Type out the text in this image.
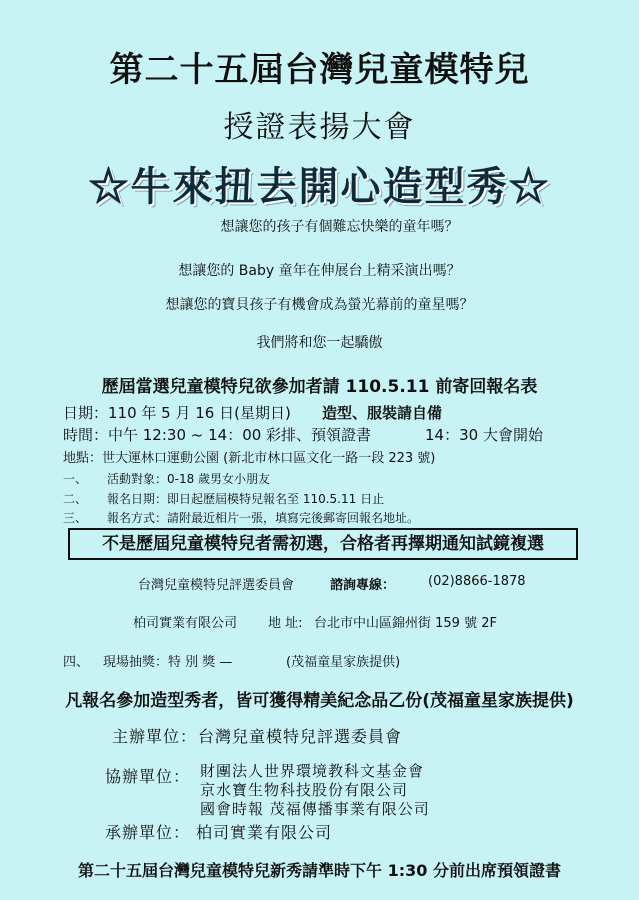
第二十五屆台灣兒童模特兒
授證表揚大會
☆牛來扭去開心造型秀☆
想讓您的孩子有個難忘快樂的童年嗎？
想讓您的 Baby 童年在伸展台上精采演出嗎？
想讓您的寶貝孩子有機會成為螢光幕前的童星嗎？
我們將和您一起驕傲
歷屆當選兒童模特兒欲參加者請 110.5.11 前寄回報名表
日期：110 年 5 月 16 日(星期日) 造型、服裝請自備
時間：中午 12:30 ~ 14：00 彩排、預領證書	14：30 大會開始
地點：世大運林口運動公園 (新北市林口區文化一路一段 223 號)
一、 活動對象：0-18 歲男女小朋友
二、 報名日期：即日起歷屆模特兒報名至 110.5.11 日止
三、 報名方式：請附最近相片一張，填寫完後郵寄回報名地址。
不是歷屆兒童模特兒者需初選，合格者再擇期通知試鏡複選
台灣兒童模特兒評選委員會	諮詢專線：	(02)8866-1878
柏司實業有限公司 地 址: 台北市中山區錦州街 159 號 2F
四、 現場抽獎：特 別 獎 —	(茂福童星家族提供)
凡報名參加造型秀者，皆可獲得精美紀念品乙份(茂福童星家族提供)
主辦單位： 台灣兒童模特兒評選委員會
協辦單位： 財團法人世界環境教科文基金會
京水寶生物科技股份有限公司
國會時報 茂福傳播事業有限公司
承辦單位： 柏司實業有限公司
第二十五屆台灣兒童模特兒新秀請準時下午 1:30 分前出席預領證書
